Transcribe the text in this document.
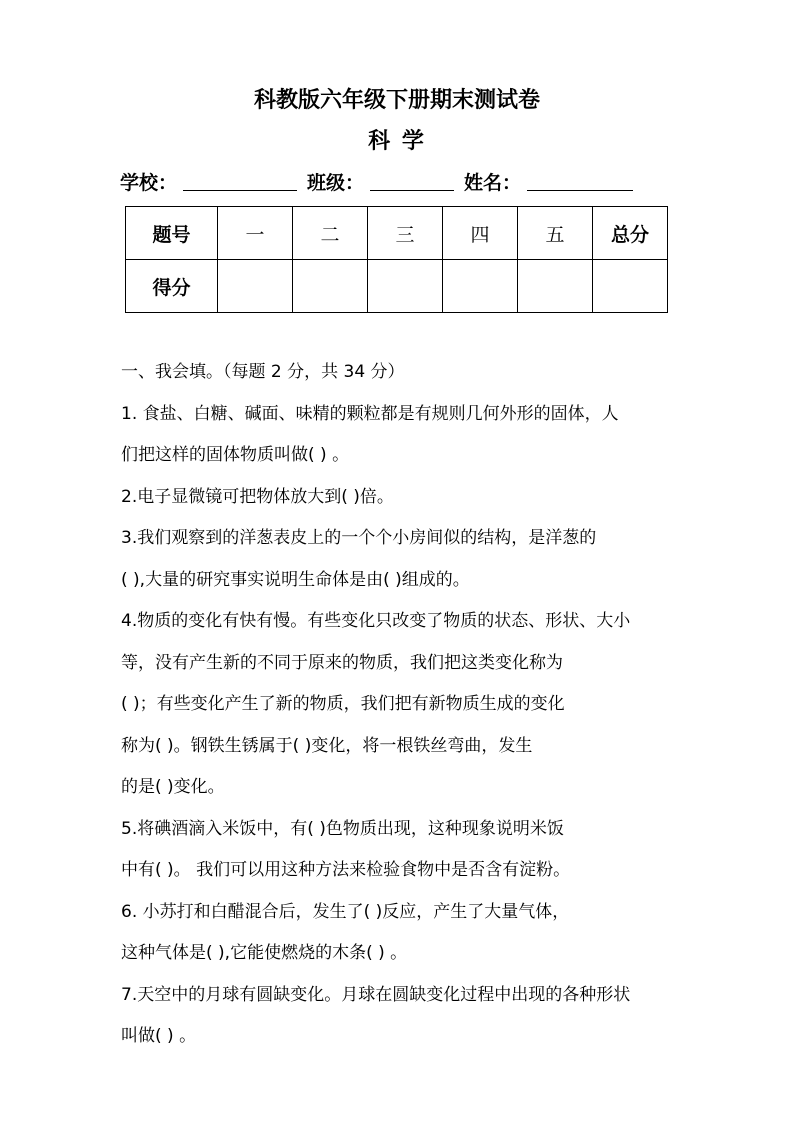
科教版六年级下册期末测试卷
科 学
学校：	班级：	姓名：
题号	一	二	三	四	五	总分
得分						
一、我会填。（每题 2 分，共 34 分）
1. 食盐、白糖、碱面、味精的颗粒都是有规则几何外形的固体，人
们把这样的固体物质叫做( ) 。
2.电子显微镜可把物体放大到( )倍。
3.我们观察到的洋葱表皮上的一个个小房间似的结构，是洋葱的
( ),大量的研究事实说明生命体是由( )组成的。
4.物质的变化有快有慢。有些变化只改变了物质的状态、形状、大小
等，没有产生新的不同于原来的物质，我们把这类变化称为
( )；有些变化产生了新的物质，我们把有新物质生成的变化
称为( )。钢铁生锈属于( )变化，将一根铁丝弯曲，发生
的是( )变化。
5.将碘酒滴入米饭中，有( )色物质出现，这种现象说明米饭
中有( )。 我们可以用这种方法来检验食物中是否含有淀粉。
6. 小苏打和白醋混合后，发生了( )反应，产生了大量气体，
这种气体是( ),它能使燃烧的木条( ) 。
7.天空中的月球有圆缺变化。月球在圆缺变化过程中出现的各种形状
叫做( ) 。
